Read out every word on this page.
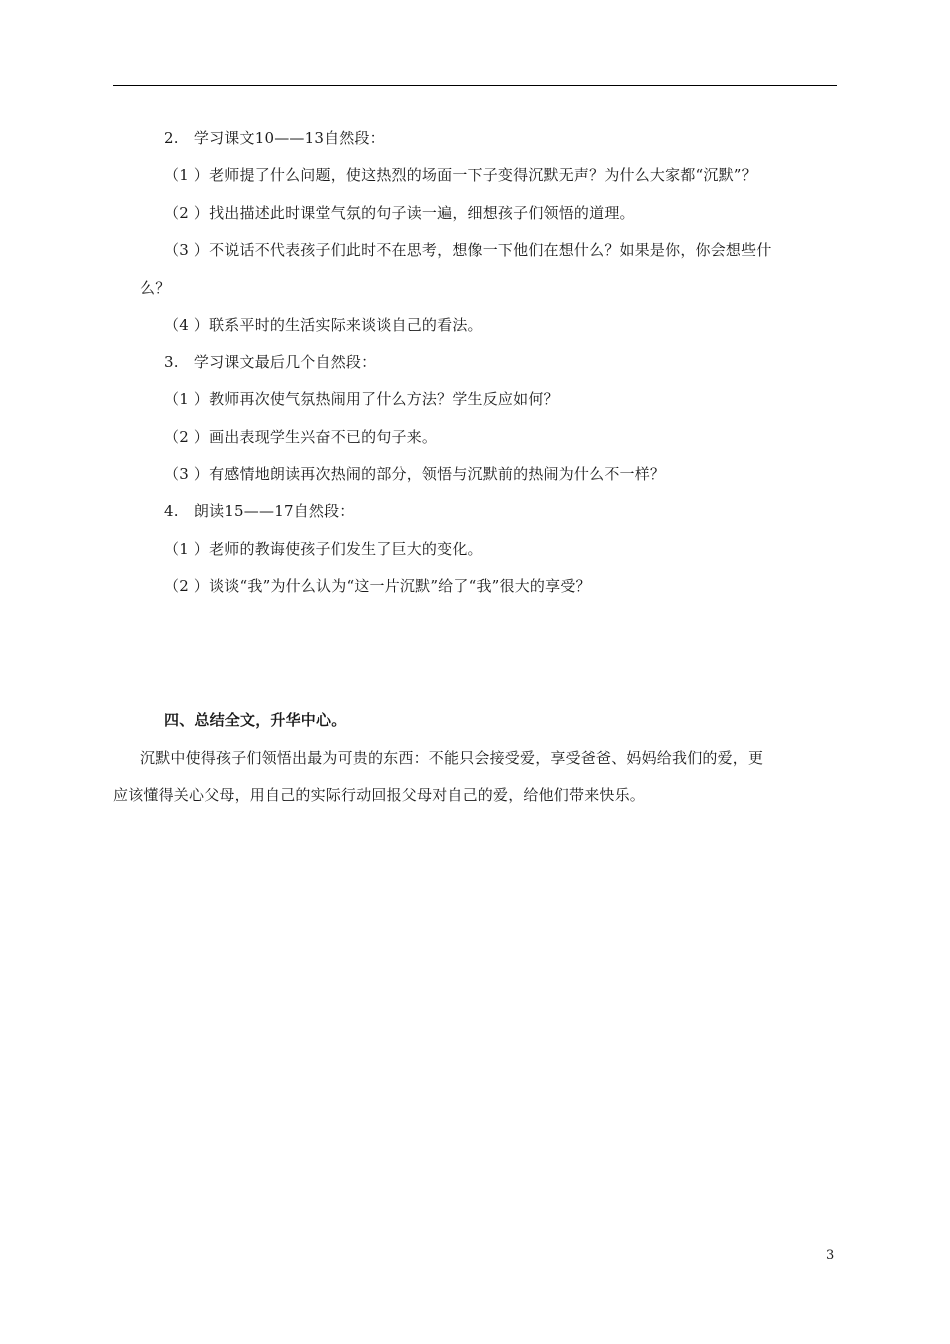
2.　学习课文10——13自然段：
（1 ）老师提了什么问题，使这热烈的场面一下子变得沉默无声？为什么大家都“沉默”？
（2 ）找出描述此时课堂气氛的句子读一遍，细想孩子们领悟的道理。
（3 ）不说话不代表孩子们此时不在思考，想像一下他们在想什么？如果是你，你会想些什
么？
（4 ）联系平时的生活实际来谈谈自己的看法。
3.　学习课文最后几个自然段：
（1 ）教师再次使气氛热闹用了什么方法？学生反应如何？
（2 ）画出表现学生兴奋不已的句子来。
（3 ）有感情地朗读再次热闹的部分，领悟与沉默前的热闹为什么不一样？
4.　朗读15——17自然段：
（1 ）老师的教诲使孩子们发生了巨大的变化。
（2 ）谈谈“我”为什么认为“这一片沉默”给了“我”很大的享受？
四、总结全文，升华中心。
沉默中使得孩子们领悟出最为可贵的东西：不能只会接受爱，享受爸爸、妈妈给我们的爱，更
应该懂得关心父母，用自己的实际行动回报父母对自己的爱，给他们带来快乐。
3
